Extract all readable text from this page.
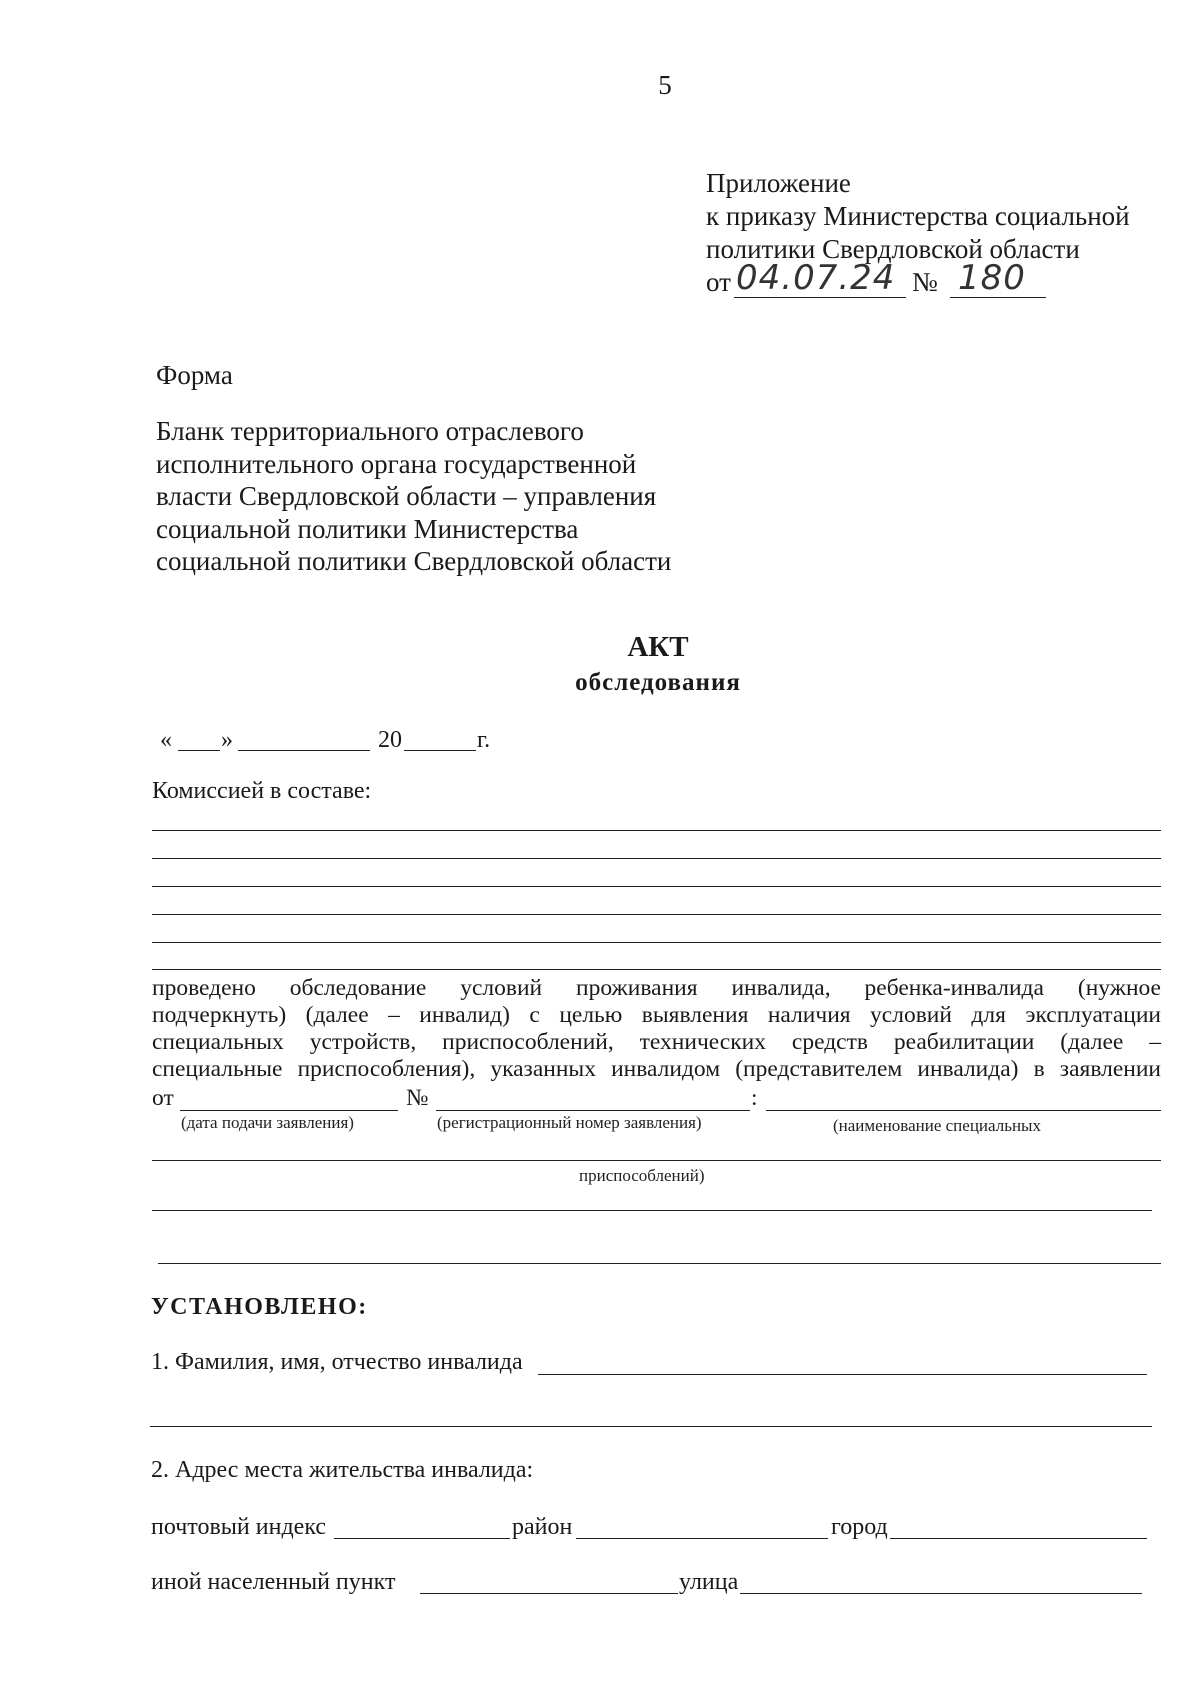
5
Приложение
к приказу Министерства социальной
политики Свердловской области
от 04.07.24 № 180
Форма
Бланк территориального отраслевого
исполнительного органа государственной
власти Свердловской области – управления
социальной политики Министерства
социальной политики Свердловской области
АКТ
обследования
« »	20	г.
Комиссией в составе:
проведено обследование условий проживания инвалида, ребенка-инвалида (нужное
подчеркнуть) (далее – инвалид) с целью выявления наличия условий для эксплуатации
специальных устройств, приспособлений, технических средств реабилитации (далее –
специальные приспособления), указанных инвалидом (представителем инвалида) в заявлении
от	№	:
(дата подачи заявления)	(регистрационный номер заявления)	(наименование специальных
приспособлений)
УСТАНОВЛЕНО:
1. Фамилия, имя, отчество инвалида
2. Адрес места жительства инвалида:
почтовый индекс	район	город
иной населенный пункт	улица
